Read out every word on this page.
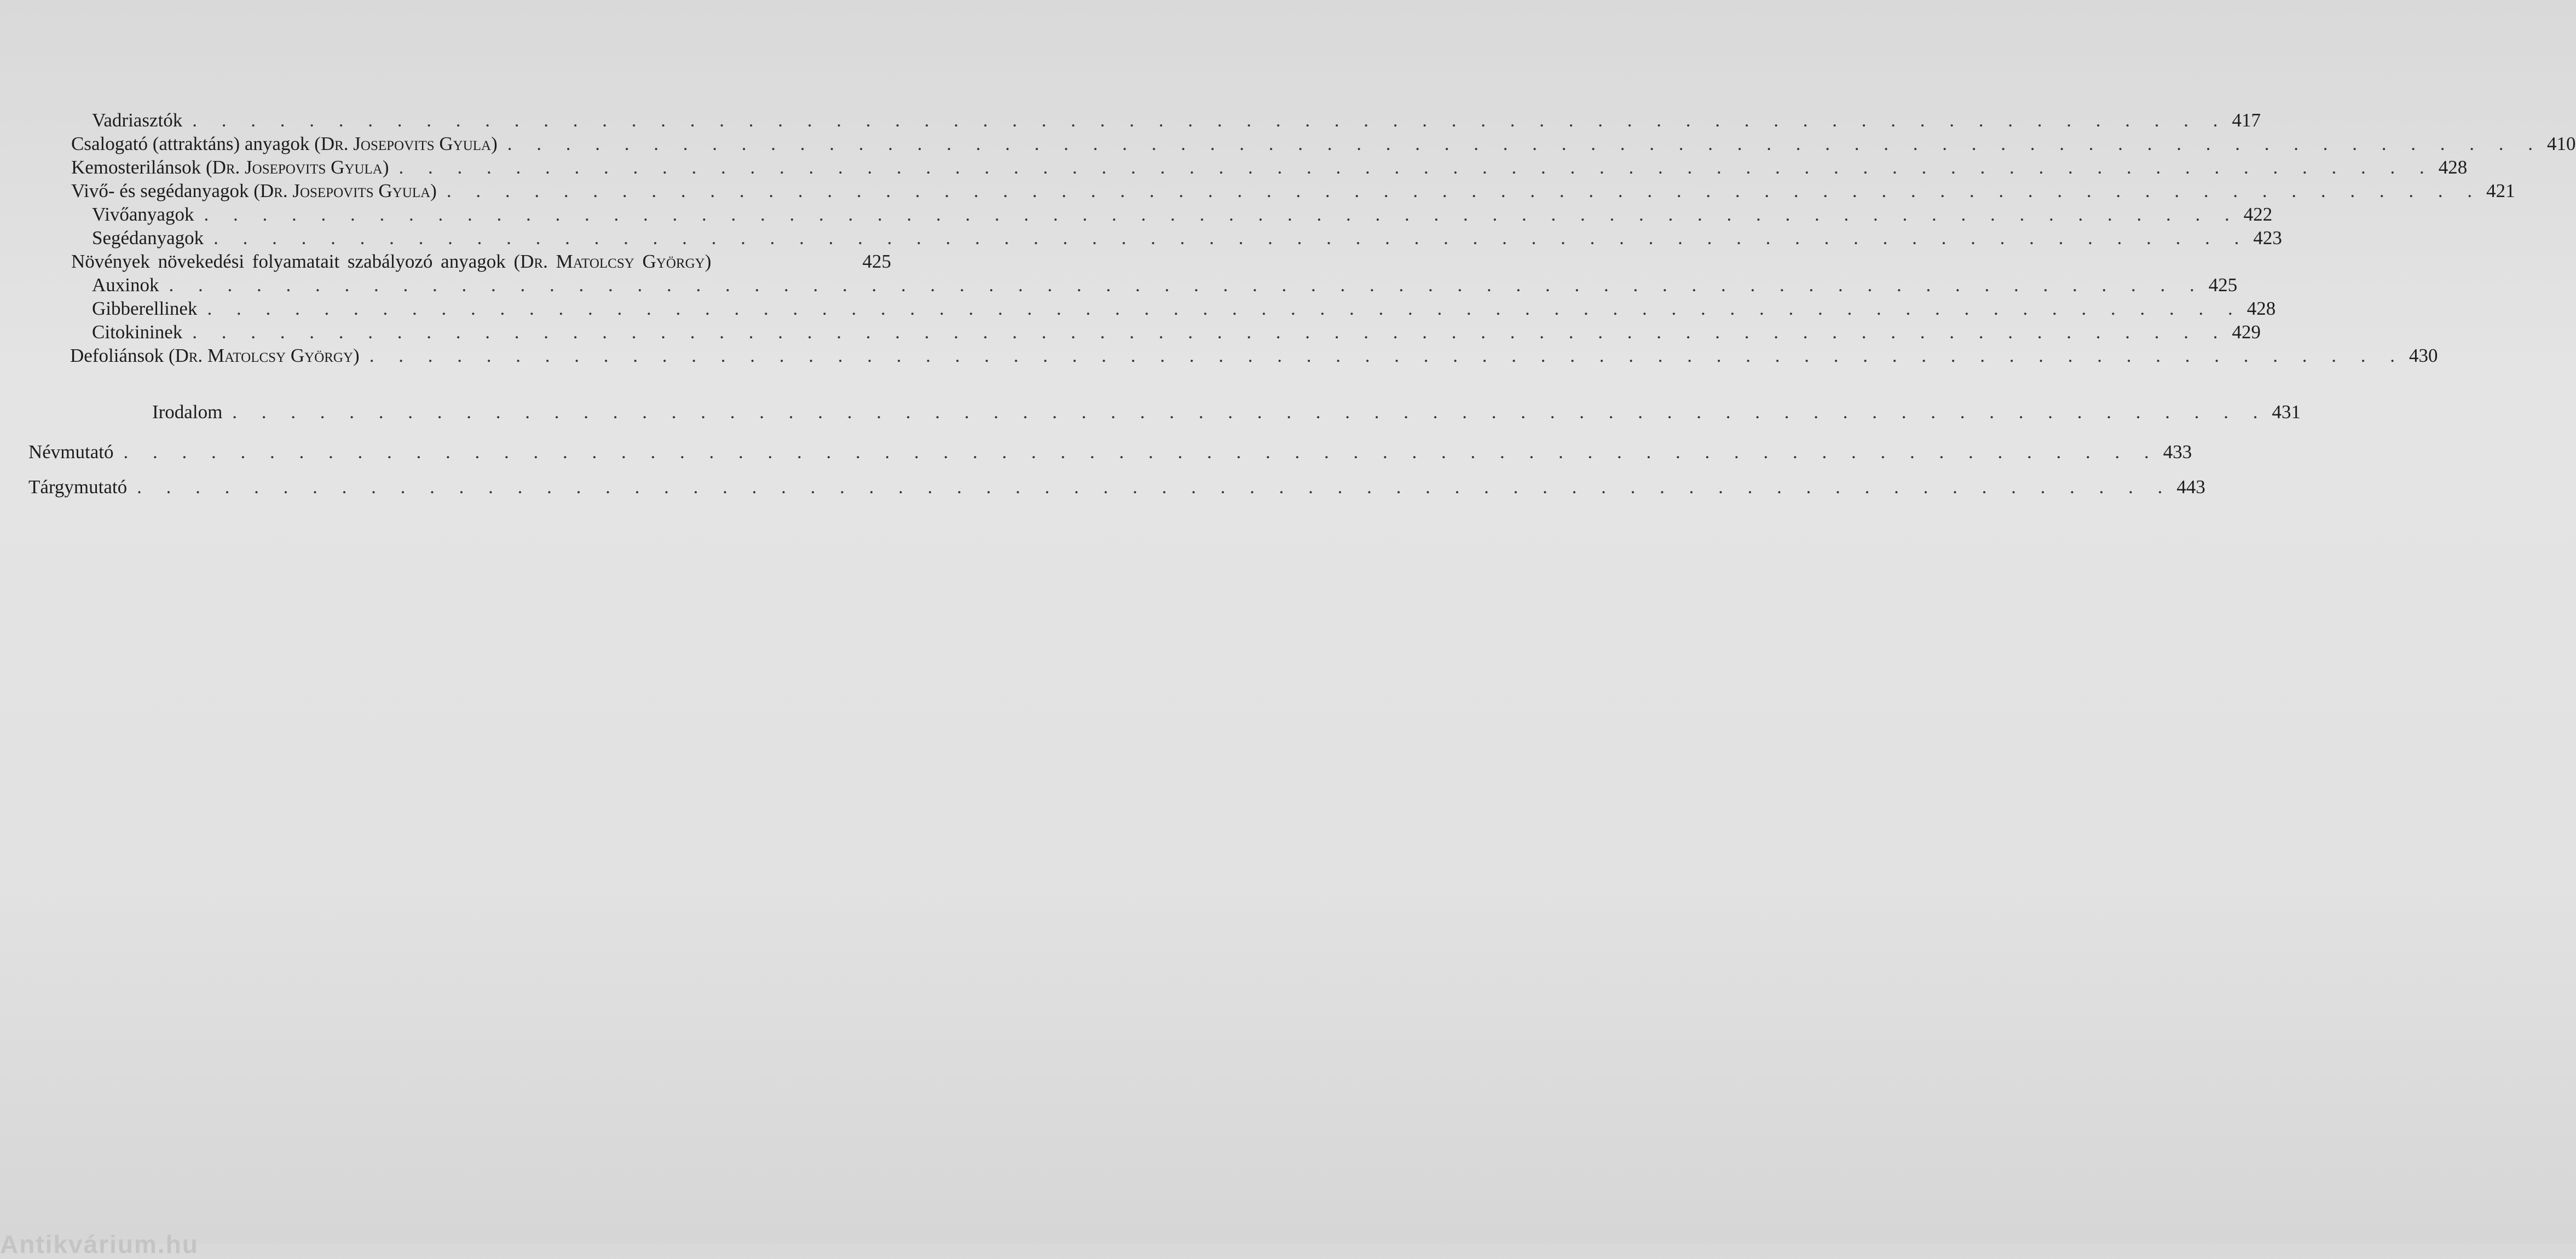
Vadriasztók . . . . . . . . . . . . . . . . . . . . . . . . . . . . . . . . . . . . . . . . . . . . . . . . . . . . . . . . . . . . . . . . . . . . . . 417
Csalogató (attraktáns) anyagok (Dr. Josepovits Gyula) . . . . . . . . . . . . . . . . . . . . . . . . . . . . . . . . . . . . . . . . . . . . . . . . . . . . . . . . . . . . . . . . . . . . . . 410
Kemosterilánsok (Dr. Josepovits Gyula) . . . . . . . . . . . . . . . . . . . . . . . . . . . . . . . . . . . . . . . . . . . . . . . . . . . . . . . . . . . . . . . . . . . . . . 428
Vivő- és segédanyagok (Dr. Josepovits Gyula) . . . . . . . . . . . . . . . . . . . . . . . . . . . . . . . . . . . . . . . . . . . . . . . . . . . . . . . . . . . . . . . . . . . . . . 421
Vivőanyagok . . . . . . . . . . . . . . . . . . . . . . . . . . . . . . . . . . . . . . . . . . . . . . . . . . . . . . . . . . . . . . . . . . . . . . 422
Segédanyagok . . . . . . . . . . . . . . . . . . . . . . . . . . . . . . . . . . . . . . . . . . . . . . . . . . . . . . . . . . . . . . . . . . . . . . 423
Növények növekedési folyamatait szabályozó anyagok (Dr. Matolcsy György)	425
Auxinok . . . . . . . . . . . . . . . . . . . . . . . . . . . . . . . . . . . . . . . . . . . . . . . . . . . . . . . . . . . . . . . . . . . . . . 425
Gibberellinek . . . . . . . . . . . . . . . . . . . . . . . . . . . . . . . . . . . . . . . . . . . . . . . . . . . . . . . . . . . . . . . . . . . . . . 428
Citokininek . . . . . . . . . . . . . . . . . . . . . . . . . . . . . . . . . . . . . . . . . . . . . . . . . . . . . . . . . . . . . . . . . . . . . . 429
Defoliánsok (Dr. Matolcsy György) . . . . . . . . . . . . . . . . . . . . . . . . . . . . . . . . . . . . . . . . . . . . . . . . . . . . . . . . . . . . . . . . . . . . . . 430
Irodalom . . . . . . . . . . . . . . . . . . . . . . . . . . . . . . . . . . . . . . . . . . . . . . . . . . . . . . . . . . . . . . . . . . . . . . 431
Névmutató . . . . . . . . . . . . . . . . . . . . . . . . . . . . . . . . . . . . . . . . . . . . . . . . . . . . . . . . . . . . . . . . . . . . . . 433
Tárgymutató . . . . . . . . . . . . . . . . . . . . . . . . . . . . . . . . . . . . . . . . . . . . . . . . . . . . . . . . . . . . . . . . . . . . . . 443
Antikvárium.hu
